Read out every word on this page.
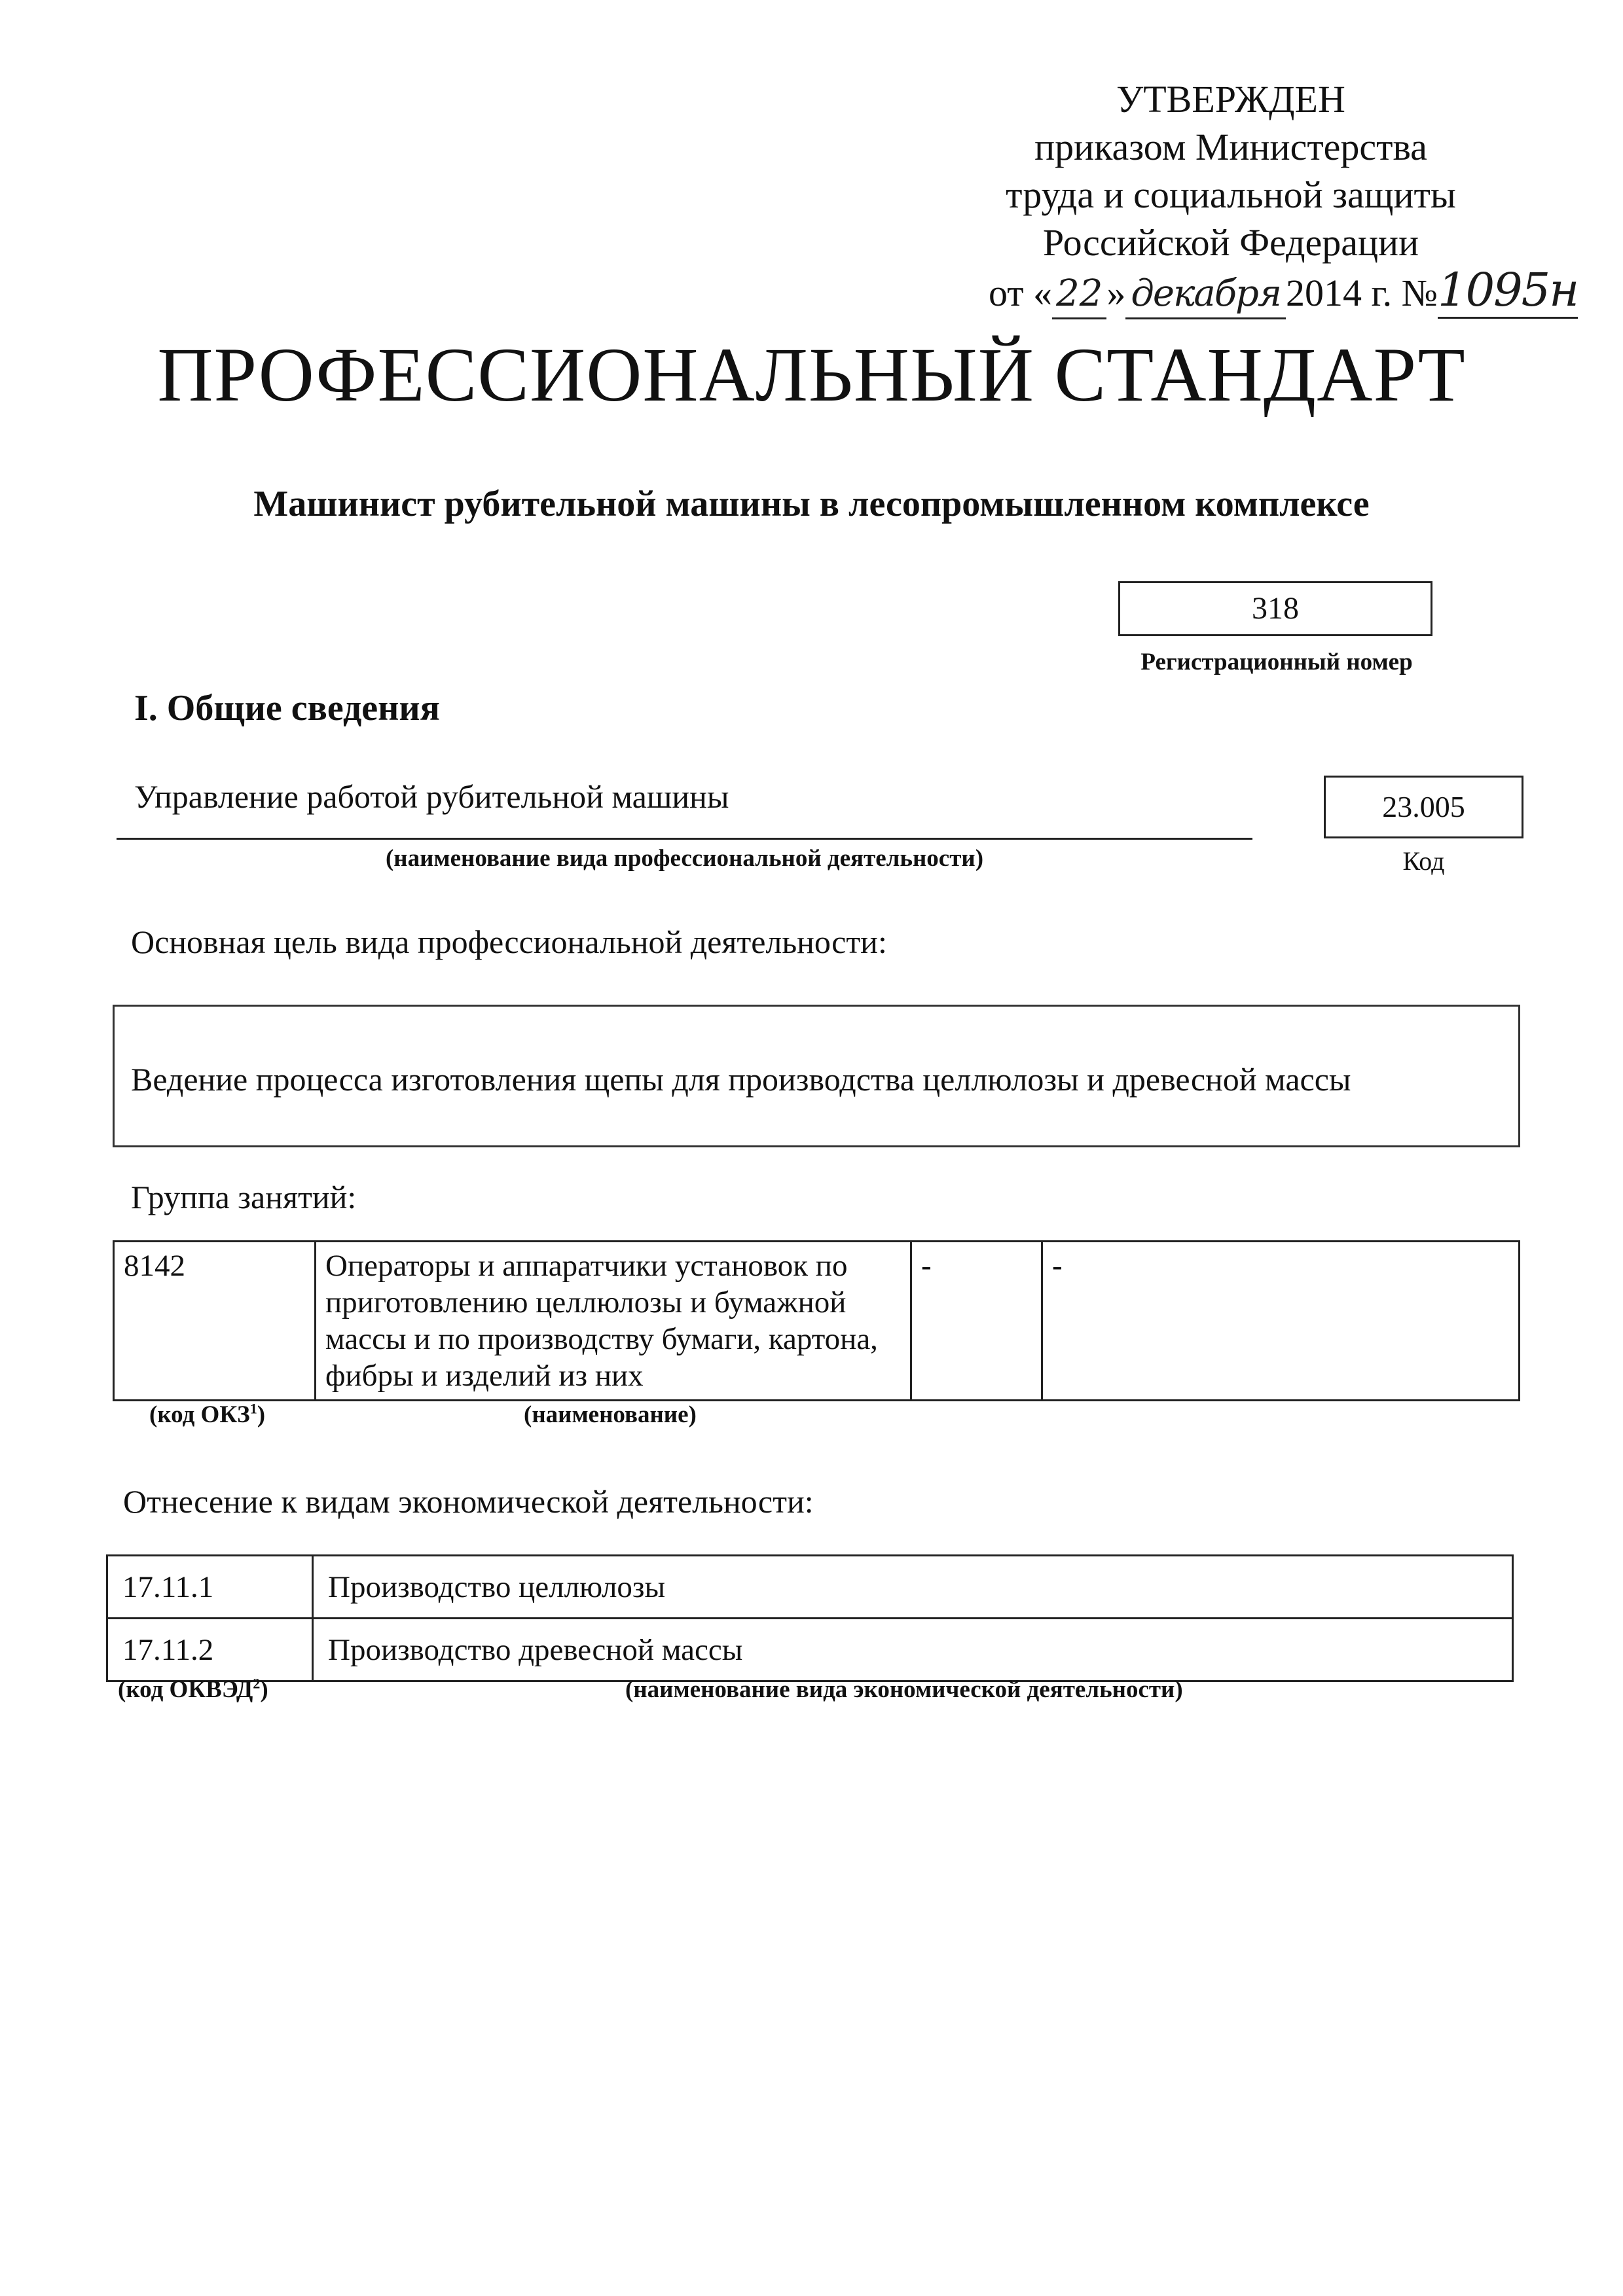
УТВЕРЖДЕН
приказом Министерства
труда и социальной защиты
Российской Федерации
от « 22 » декабря 2014 г. №1095н
ПРОФЕССИОНАЛЬНЫЙ СТАНДАРТ
Машинист рубительной машины в лесопромышленном комплексе
318
Регистрационный номер
I. Общие сведения
Управление работой рубительной машины
(наименование вида профессиональной деятельности)
23.005
Код
Основная цель вида профессиональной деятельности:
Ведение процесса изготовления щепы для производства целлюлозы и древесной массы
Группа занятий:
8142	Операторы и аппаратчики установок по приготовлению целлюлозы и бумажной массы и по производству бумаги, картона, фибры и изделий из них	-	-
(код ОКЗ$^1$)	(наименование)
Отнесение к видам экономической деятельности:
17.11.1	Производство целлюлозы
17.11.2	Производство древесной массы
(код ОКВЭД$^2$)	(наименование вида экономической деятельности)
